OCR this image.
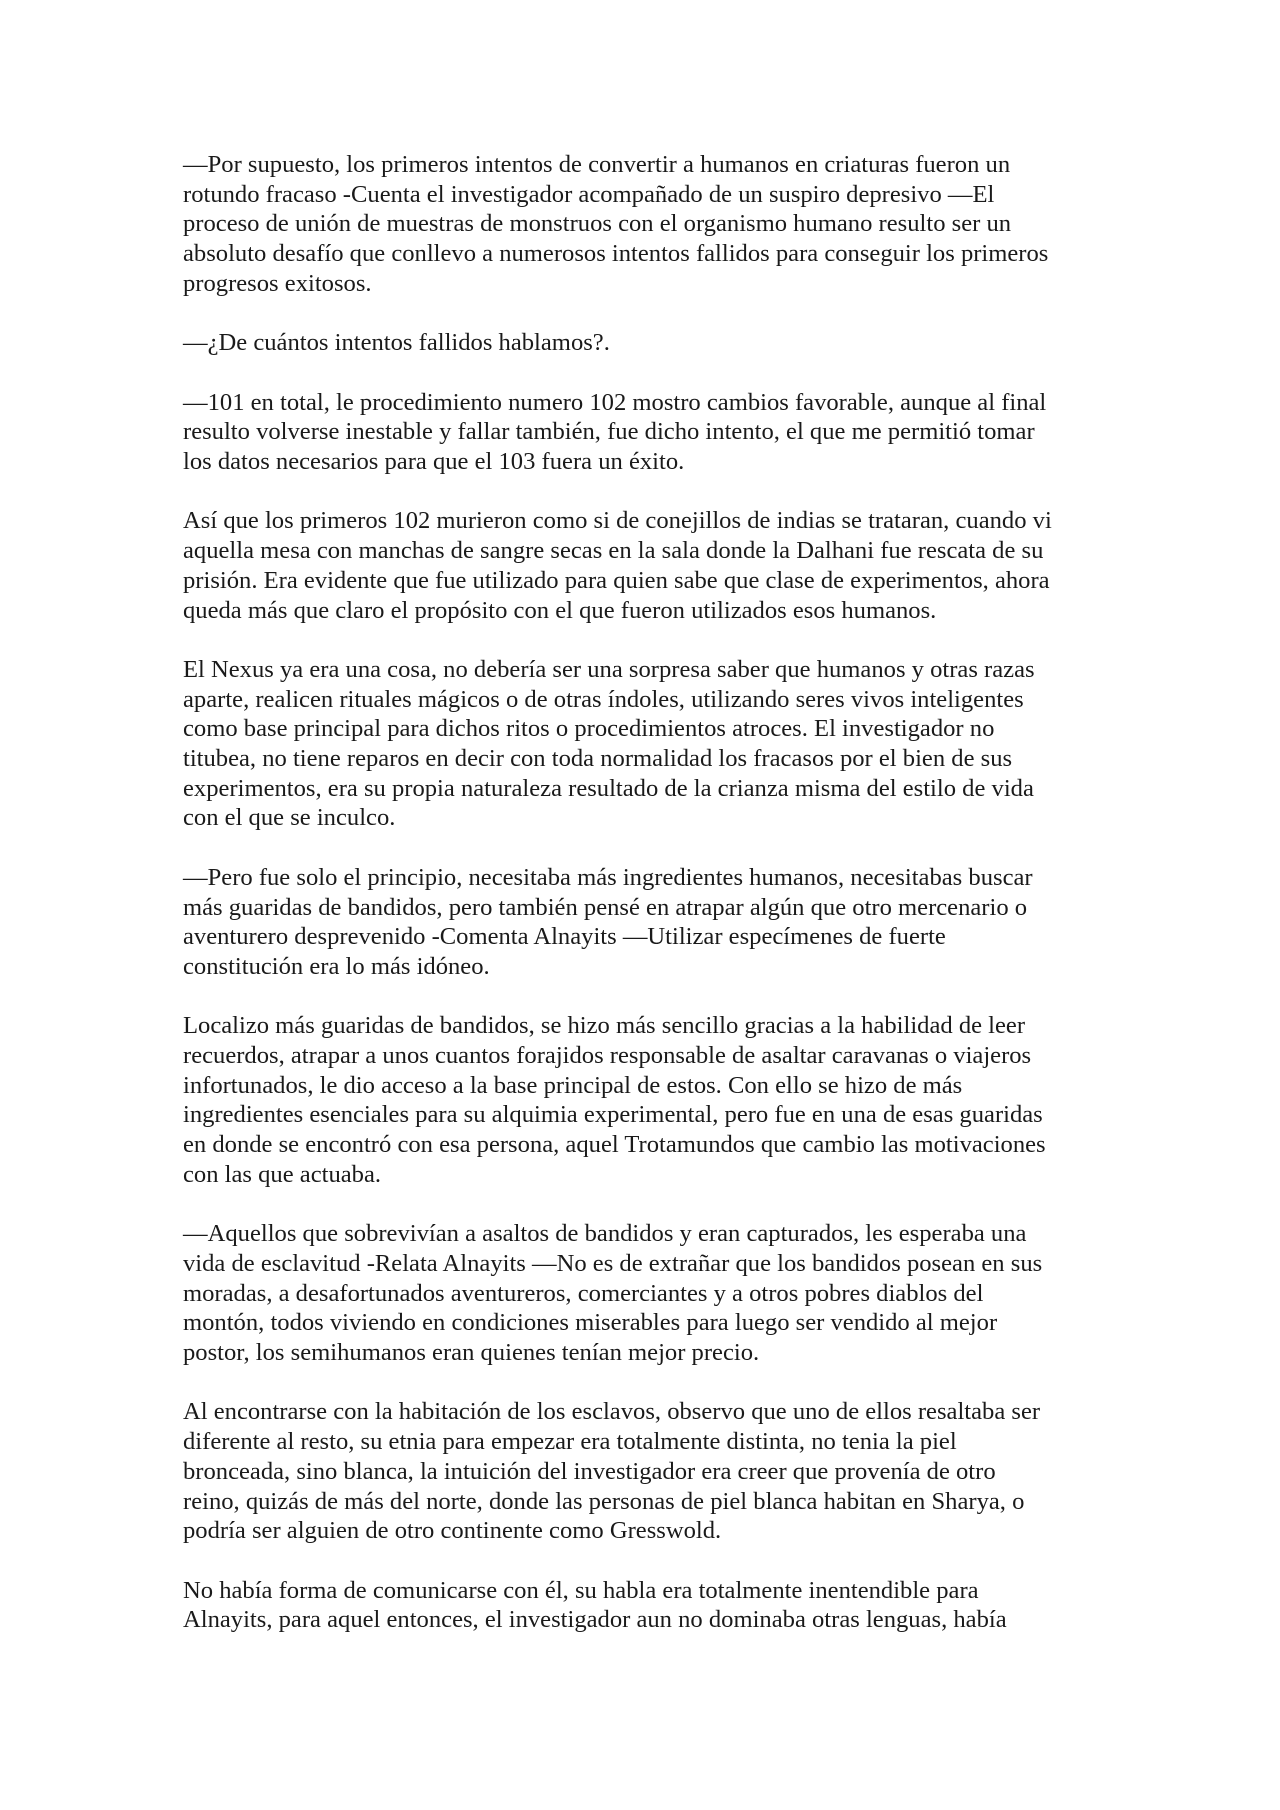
—Por supuesto, los primeros intentos de convertir a humanos en criaturas fueron un
rotundo fracaso -Cuenta el investigador acompañado de un suspiro depresivo —El
proceso de unión de muestras de monstruos con el organismo humano resulto ser un
absoluto desafío que conllevo a numerosos intentos fallidos para conseguir los primeros
progresos exitosos.

—¿De cuántos intentos fallidos hablamos?.

—101 en total, le procedimiento numero 102 mostro cambios favorable, aunque al final
resulto volverse inestable y fallar también, fue dicho intento, el que me permitió tomar
los datos necesarios para que el 103 fuera un éxito.

Así que los primeros 102 murieron como si de conejillos de indias se trataran, cuando vi
aquella mesa con manchas de sangre secas en la sala donde la Dalhani fue rescata de su
prisión. Era evidente que fue utilizado para quien sabe que clase de experimentos, ahora
queda más que claro el propósito con el que fueron utilizados esos humanos.

El Nexus ya era una cosa, no debería ser una sorpresa saber que humanos y otras razas
aparte, realicen rituales mágicos o de otras índoles, utilizando seres vivos inteligentes
como base principal para dichos ritos o procedimientos atroces. El investigador no
titubea, no tiene reparos en decir con toda normalidad los fracasos por el bien de sus
experimentos, era su propia naturaleza resultado de la crianza misma del estilo de vida
con el que se inculco.

—Pero fue solo el principio, necesitaba más ingredientes humanos, necesitabas buscar
más guaridas de bandidos, pero también pensé en atrapar algún que otro mercenario o
aventurero desprevenido -Comenta Alnayits —Utilizar especímenes de fuerte
constitución era lo más idóneo.

Localizo más guaridas de bandidos, se hizo más sencillo gracias a la habilidad de leer
recuerdos, atrapar a unos cuantos forajidos responsable de asaltar caravanas o viajeros
infortunados, le dio acceso a la base principal de estos. Con ello se hizo de más
ingredientes esenciales para su alquimia experimental, pero fue en una de esas guaridas
en donde se encontró con esa persona, aquel Trotamundos que cambio las motivaciones
con las que actuaba.

—Aquellos que sobrevivían a asaltos de bandidos y eran capturados, les esperaba una
vida de esclavitud -Relata Alnayits —No es de extrañar que los bandidos posean en sus
moradas, a desafortunados aventureros, comerciantes y a otros pobres diablos del
montón, todos viviendo en condiciones miserables para luego ser vendido al mejor
postor, los semihumanos eran quienes tenían mejor precio.

Al encontrarse con la habitación de los esclavos, observo que uno de ellos resaltaba ser
diferente al resto, su etnia para empezar era totalmente distinta, no tenia la piel
bronceada, sino blanca, la intuición del investigador era creer que provenía de otro
reino, quizás de más del norte, donde las personas de piel blanca habitan en Sharya, o
podría ser alguien de otro continente como Gresswold.

No había forma de comunicarse con él, su habla era totalmente inentendible para
Alnayits, para aquel entonces, el investigador aun no dominaba otras lenguas, había
